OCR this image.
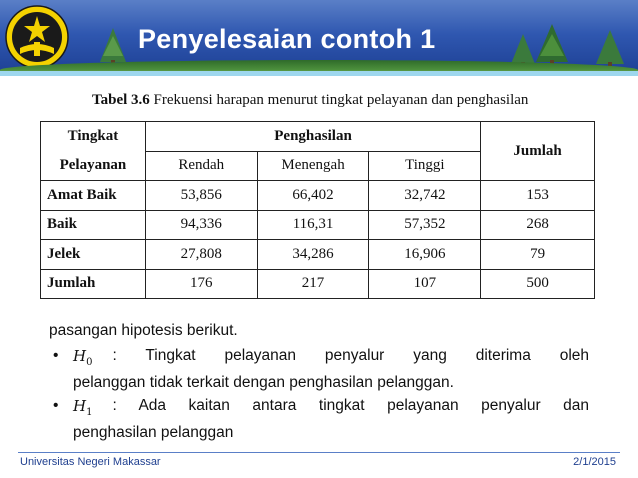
Penyelesaian contoh 1
Tabel 3.6 Frekuensi harapan menurut tingkat pelayanan dan penghasilan
Tingkat	Penghasilan			Jumlah
Pelayanan	Rendah	Menengah	Tinggi	
Amat Baik	53,856	66,402	32,742	153
Baik	94,336	116,31	57,352	268
Jelek	27,808	34,286	16,906	79
Jumlah	176	217	107	500
pasangan hipotesis berikut.
• $H_0$	: Tingkat pelayanan penyalur yang diterima oleh
pelanggan tidak terkait dengan penghasilan pelanggan.
• $H_1$	: Ada kaitan antara tingkat pelayanan penyalur dan
penghasilan pelanggan
Universitas Negeri Makassar	2/1/2015
